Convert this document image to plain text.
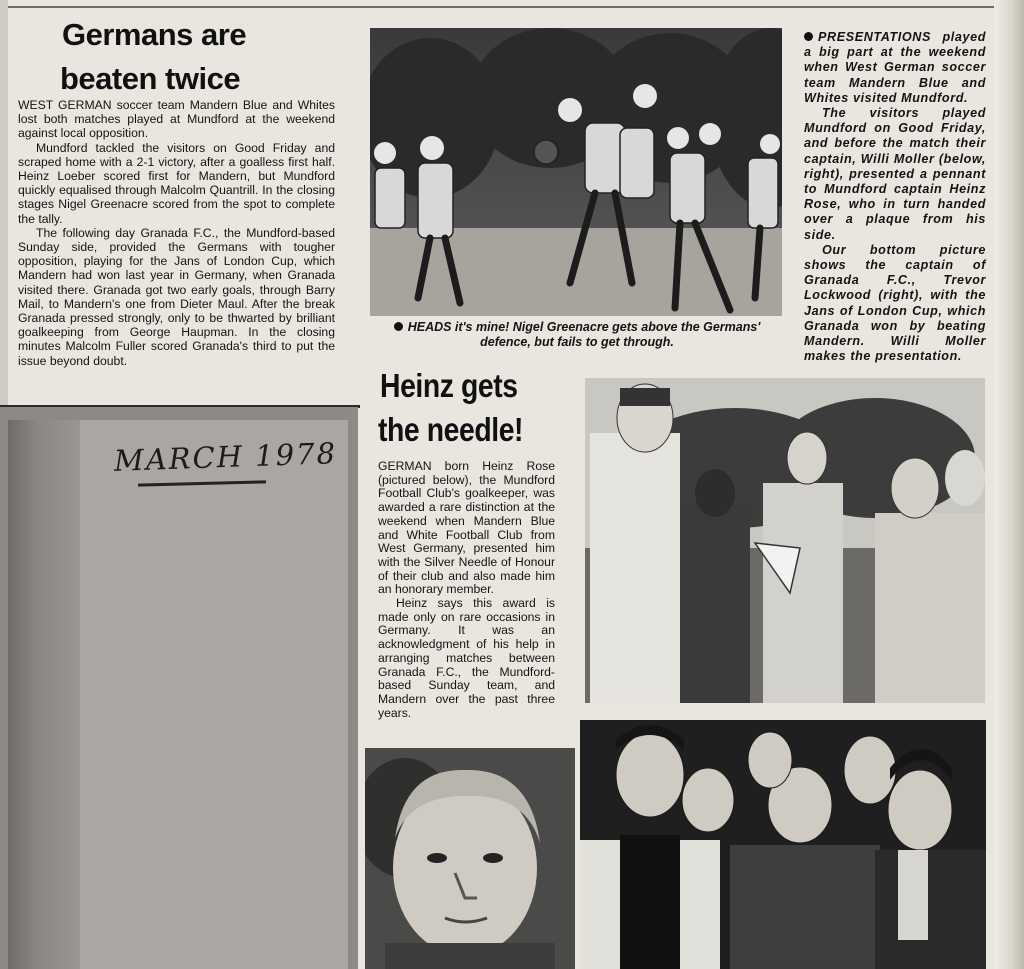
Germans are
beaten twice

WEST GERMAN soccer team Mandern Blue and Whites lost both matches played at Mundford at the weekend against local opposition.

Mundford tackled the visitors on Good Friday and scraped home with a 2-1 victory, after a goalless first half. Heinz Loeber scored first for Mandern, but Mundford quickly equalised through Malcolm Quantrill. In the closing stages Nigel Greenacre scored from the spot to complete the tally.

The following day Granada F.C., the Mundford-based Sunday side, provided the Germans with tougher opposition, playing for the Jans of London Cup, which Mandern had won last year in Germany, when Granada visited there. Granada got two early goals, through Barry Mail, to Mandern's one from Dieter Maul. After the break Granada pressed strongly, only to be thwarted by brilliant goalkeeping from George Haupman. In the closing minutes Malcolm Fuller scored Granada's third to put the issue beyond doubt.

HEADS it's mine! Nigel Greenacre gets above the Germans' defence, but fails to get through.

PRESENTATIONS played a big part at the weekend when West German soccer team Mandern Blue and Whites visited Mundford.

The visitors played Mundford on Good Friday, and before the match their captain, Willi Moller (below, right), presented a pennant to Mundford captain Heinz Rose, who in turn handed over a plaque from his side.

Our bottom picture shows the captain of Granada F.C., Trevor Lockwood (right), with the Jans of London Cup, which Granada won by beating Mandern. Willi Moller makes the presentation.

MARCH 1978
Heinz gets
the needle!

GERMAN born Heinz Rose (pictured below), the Mundford Football Club's goalkeeper, was awarded a rare distinction at the weekend when Mandern Blue and White Football Club from West Germany, presented him with the Silver Needle of Honour of their club and also made him an honorary member.

Heinz says this award is made only on rare occasions in Germany. It was an acknowledgment of his help in arranging matches between Granada F.C., the Mundford-based Sunday team, and Mandern over the past three years.
